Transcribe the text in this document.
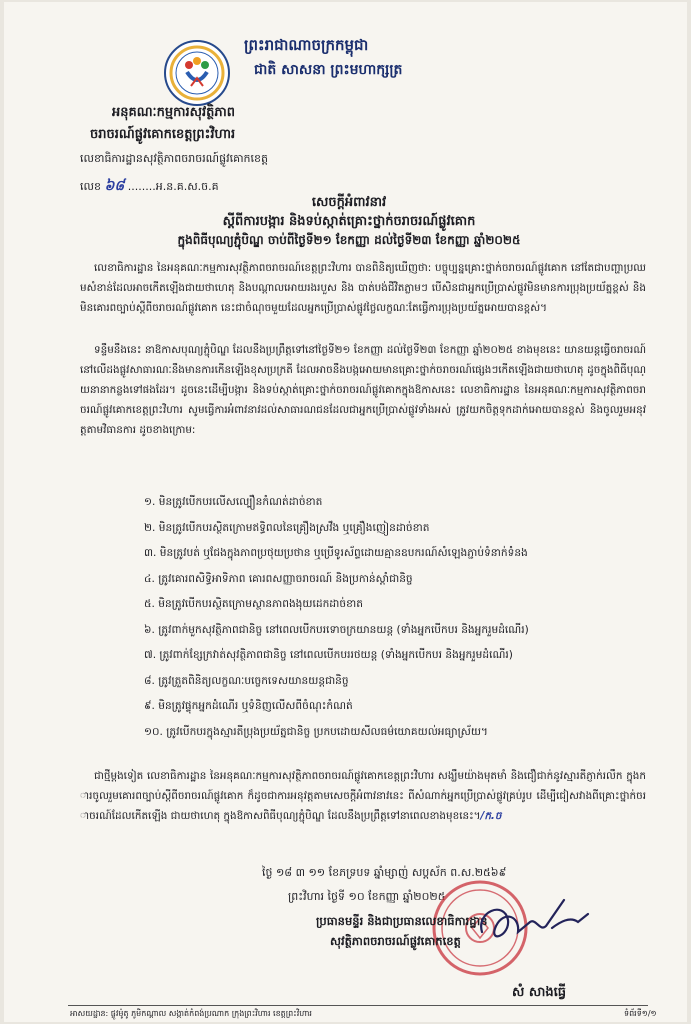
ព្រះរាជាណាចក្រកម្ពុជា
ជាតិ សាសនា ព្រះមហាក្សត្រ
អនុគណៈកម្មការសុវត្ថិភាព
ចរាចរណ៍ផ្លូវគោកខេត្តព្រះវិហារ
លេខាធិការដ្ឋានសុវត្ថិភាពចរាចរណ៍ផ្លូវគោកខេត្ត
លេខ ៦៨ ........អ.ន.គ.ស.ច.គ
សេចក្តីអំពាវនាវ
ស្តីពីការបង្ការ និងទប់ស្កាត់គ្រោះថ្នាក់ចរាចរណ៍ផ្លូវគោក
ក្នុងពិធីបុណ្យភ្ជុំបិណ្ឌ ចាប់ពីថ្ងៃទី២១ ខែកញ្ញា ដល់ថ្ងៃទី២៣ ខែកញ្ញា ឆ្នាំ២០២៥

លេខាធិការដ្ឋាន នៃអនុគណៈកម្មការសុវត្ថិភាពចរាចរណ៍ខេត្តព្រះវិហារ បានពិនិត្យឃើញថា: បច្ចុប្បន្នគ្រោះថ្នាក់ចរាចរណ៍ផ្លូវគោក នៅតែជាបញ្ហាប្រឈមសំខាន់ដែលអាចកើតឡើងជាយថាហេតុ និងបណ្តាលអោយរងរបួស និង បាត់បង់ជីវិតភ្លាមៗ បើសិនជាអ្នកប្រើប្រាស់ផ្លូវមិនមានការប្រុងប្រយ័ត្នខ្ពស់ និងមិនគោរពច្បាប់ស្តីពីចរាចរណ៍ផ្លូវគោក នេះជាចំណុចមួយដែលអ្នកប្រើប្រាស់ផ្លូវថ្លៃលក្ខណៈតែធ្វើការប្រុងប្រយ័ត្នអោយបានខ្ពស់។

ទន្ទឹមនឹងនេះ នាឱកាសបុណ្យភ្ជុំបិណ្ឌ ដែលនឹងប្រព្រឹត្តទៅនៅថ្ងៃទី២១ ខែកញ្ញា ដល់ថ្ងៃទី២៣ ខែកញ្ញា ឆ្នាំ២០២៥ ខាងមុខនេះ យានយន្តធ្វើចរាចរណ៍នៅលើដងផ្លូវសាធារណៈនឹងមានការកើនឡើងខុសប្រក្រតី ដែលអាចនឹងបង្កអោយមានគ្រោះថ្នាក់ចរាចរណ៍ផ្សេងៗកើតឡើងជាយថាហេតុ ដូចក្នុងពិធីបុណ្យនានាកន្លងទៅផងដែរ។ ដូចនេះដើម្បីបង្ការ និងទប់ស្កាត់គ្រោះថ្នាក់ចរាចរណ៍ផ្លូវគោកក្នុងឱកាសនេះ លេខាធិការដ្ឋាន នៃអនុគណៈកម្មការសុវត្ថិភាពចរាចរណ៍ផ្លូវគោកខេត្តព្រះវិហារ សូមធ្វើការអំពាវនាវដល់សាធារណជនដែលជាអ្នកប្រើប្រាស់ផ្លូវទាំងអស់ ត្រូវយកចិត្តទុកដាក់អោយបានខ្ពស់ និងចូលរួមអនុវត្តតាមវិធានការ ដូចខាងក្រោម:

១. មិនត្រូវបើកបរលើសល្បឿនកំណត់ដាច់ខាត
២. មិនត្រូវបើកបរស្ថិតក្រោមឥទ្ធិពលនៃគ្រឿងស្រវឹង ឬគ្រឿងញៀនដាច់ខាត
៣. មិនត្រូវបត់ ឬជែងក្នុងភាពប្រថុយប្រថាន ឬប្រើទូរស័ព្ទដោយគ្មានឧបករណ៍សំឡេងភ្ជាប់ទំនាក់ទំនង
៤. ត្រូវគោរពសិទ្ធិអាទិភាព គោរពសញ្ញាចរាចរណ៍ និងប្រកាន់ស្តាំជានិច្ច
៥. មិនត្រូវបើកបរស្ថិតក្រោមស្ថានភាពងងុយដេកដាច់ខាត
៦. ត្រូវពាក់មួកសុវត្ថិភាពជានិច្ច នៅពេលបើកបរទោចក្រយានយន្ត (ទាំងអ្នកបើកបរ និងអ្នករួមដំណើរ)
៧. ត្រូវពាក់ខ្សែក្រវាត់សុវត្ថិភាពជានិច្ច នៅពេលបើកបររថយន្ត (ទាំងអ្នកបើកបរ និងអ្នករួមដំណើរ)
៨. ត្រូវត្រួតពិនិត្យលក្ខណៈបច្ចេកទេសយានយន្តជានិច្ច
៩. មិនត្រូវផ្ទុកអ្នកដំណើរ ឬទំនិញលើសពីចំណុះកំណត់
១០. ត្រូវបើកបរក្នុងស្មារតីប្រុងប្រយ័ត្នជានិច្ច ប្រកបដោយសីលធម៌យោគយល់អធ្យាស្រ័យ។

ជាថ្មីម្តងទៀត លេខាធិការដ្ឋាន នៃអនុគណៈកម្មការសុវត្ថិភាពចរាចរណ៍ផ្លូវគោកខេត្តព្រះវិហារ សង្ឃឹមយ៉ាងមុតមាំ និងជឿជាក់នូវស្មារតីភ្ញាក់រលឹក ក្នុងការចូលរួមគោរពច្បាប់ស្តីពីចរាចរណ៍ផ្លូវគោក ក៏ដូចជាការអនុវត្តតាមសេចក្តីអំពាវនាវនេះ ពីសំណាក់អ្នកប្រើប្រាស់ផ្លូវគ្រប់រូប ដើម្បីជៀសវាងពីគ្រោះថ្នាក់ចរាចរណ៍ដែលកើតឡើង ជាយថាហេតុ ក្នុងឱកាសពិធីបុណ្យភ្ជុំបិណ្ឌ ដែលនឹងប្រព្រឹត្តទៅនាពេលខាងមុខនេះ។/ក.ច

ថ្ងៃ ១៨ ៣ ១១ ខែភទ្របទ ឆ្នាំម្សាញ់ សប្តស័ក ព.ស.២៥៦៩
ព្រះវិហារ ថ្ងៃទី ១០ ខែកញ្ញា ឆ្នាំ២០២៥
ប្រធានមន្ទីរ និងជាប្រធានលេខាធិការដ្ឋាន
សុវត្ថិភាពចរាចរណ៍ផ្លូវគោកខេត្ត
សំ សាងធ្វើ
អាសយដ្ឋាន: ផ្លូវម៉ូតូ ភូមិកណ្តាល សង្កាត់កំពង់ប្រណាក ក្រុងព្រះវិហារ ខេត្តព្រះវិហារ	ទំព័រទី១/១
